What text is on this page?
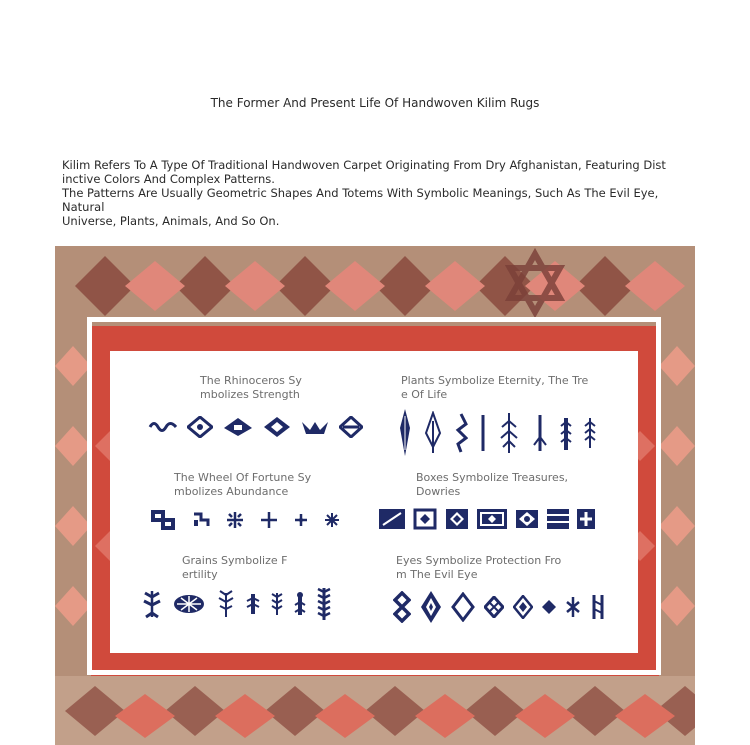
The Former And Present Life Of Handwoven Kilim Rugs

Kilim Refers To A Type Of Traditional Handwoven Carpet Originating From Dry Afghanistan, Featuring Dist
inctive Colors And Complex Patterns.

The Patterns Are Usually Geometric Shapes And Totems With Symbolic Meanings, Such As The Evil Eye, Natural
Universe, Plants, Animals, And So On.

The Rhinoceros Sy
mbolizes Strength
Plants Symbolize Eternity, The Tre
e Of Life
The Wheel Of Fortune Sy
mbolizes Abundance
Boxes Symbolize Treasures,
Dowries
Grains Symbolize F
ertility
Eyes Symbolize Protection Fro
m The Evil Eye
